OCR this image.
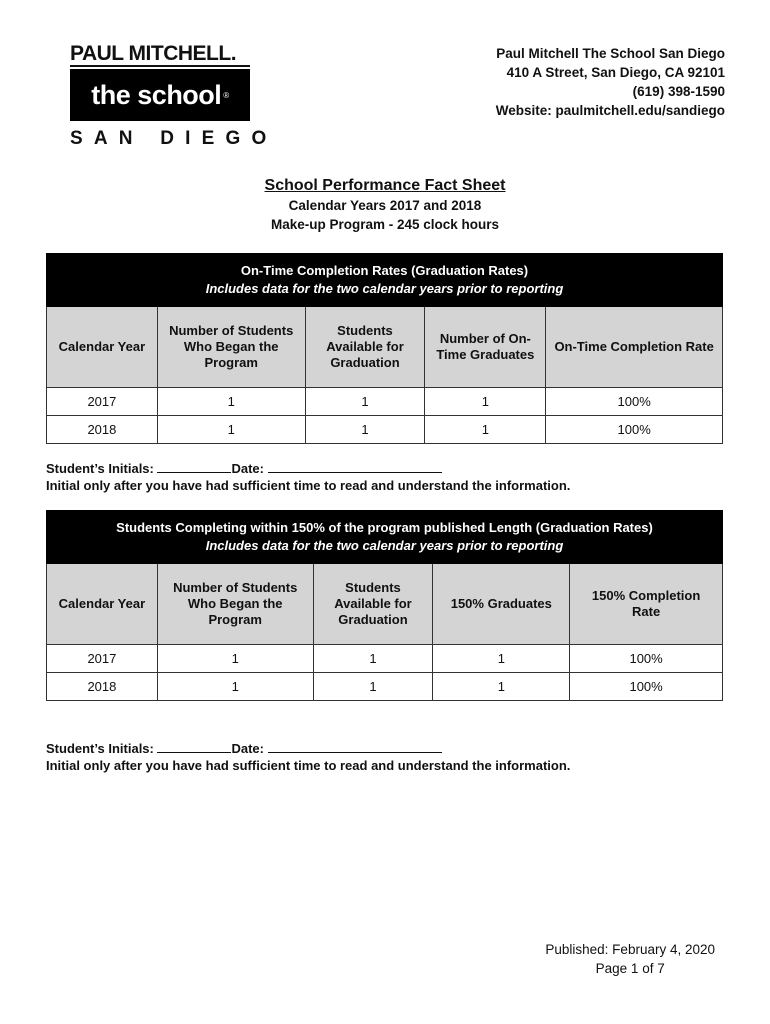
PAUL MITCHELL.
the school ®
SAN DIEGO
Paul Mitchell The School San Diego
410 A Street, San Diego, CA 92101
(619) 398-1590
Website: paulmitchell.edu/sandiego
School Performance Fact Sheet
Calendar Years 2017 and 2018
Make-up Program - 245 clock hours
On-Time Completion Rates (Graduation Rates)
Includes data for the two calendar years prior to reporting				

Calendar Year	Number of Students Who Began the Program	Students Available for Graduation	Number of On-Time Graduates	On-Time Completion Rate
2017	1	1	1	100%
2018	1	1	1	100%
Student’s Initials:	Date:
Initial only after you have had sufficient time to read and understand the information.
Students Completing within 150% of the program published Length (Graduation Rates)
Includes data for the two calendar years prior to reporting				

Calendar Year	Number of Students Who Began the Program	Students Available for Graduation	150% Graduates	150% Completion Rate
2017	1	1	1	100%
2018	1	1	1	100%
Student’s Initials:	Date:
Initial only after you have had sufficient time to read and understand the information.
Published: February 4, 2020
Page 1 of 7
